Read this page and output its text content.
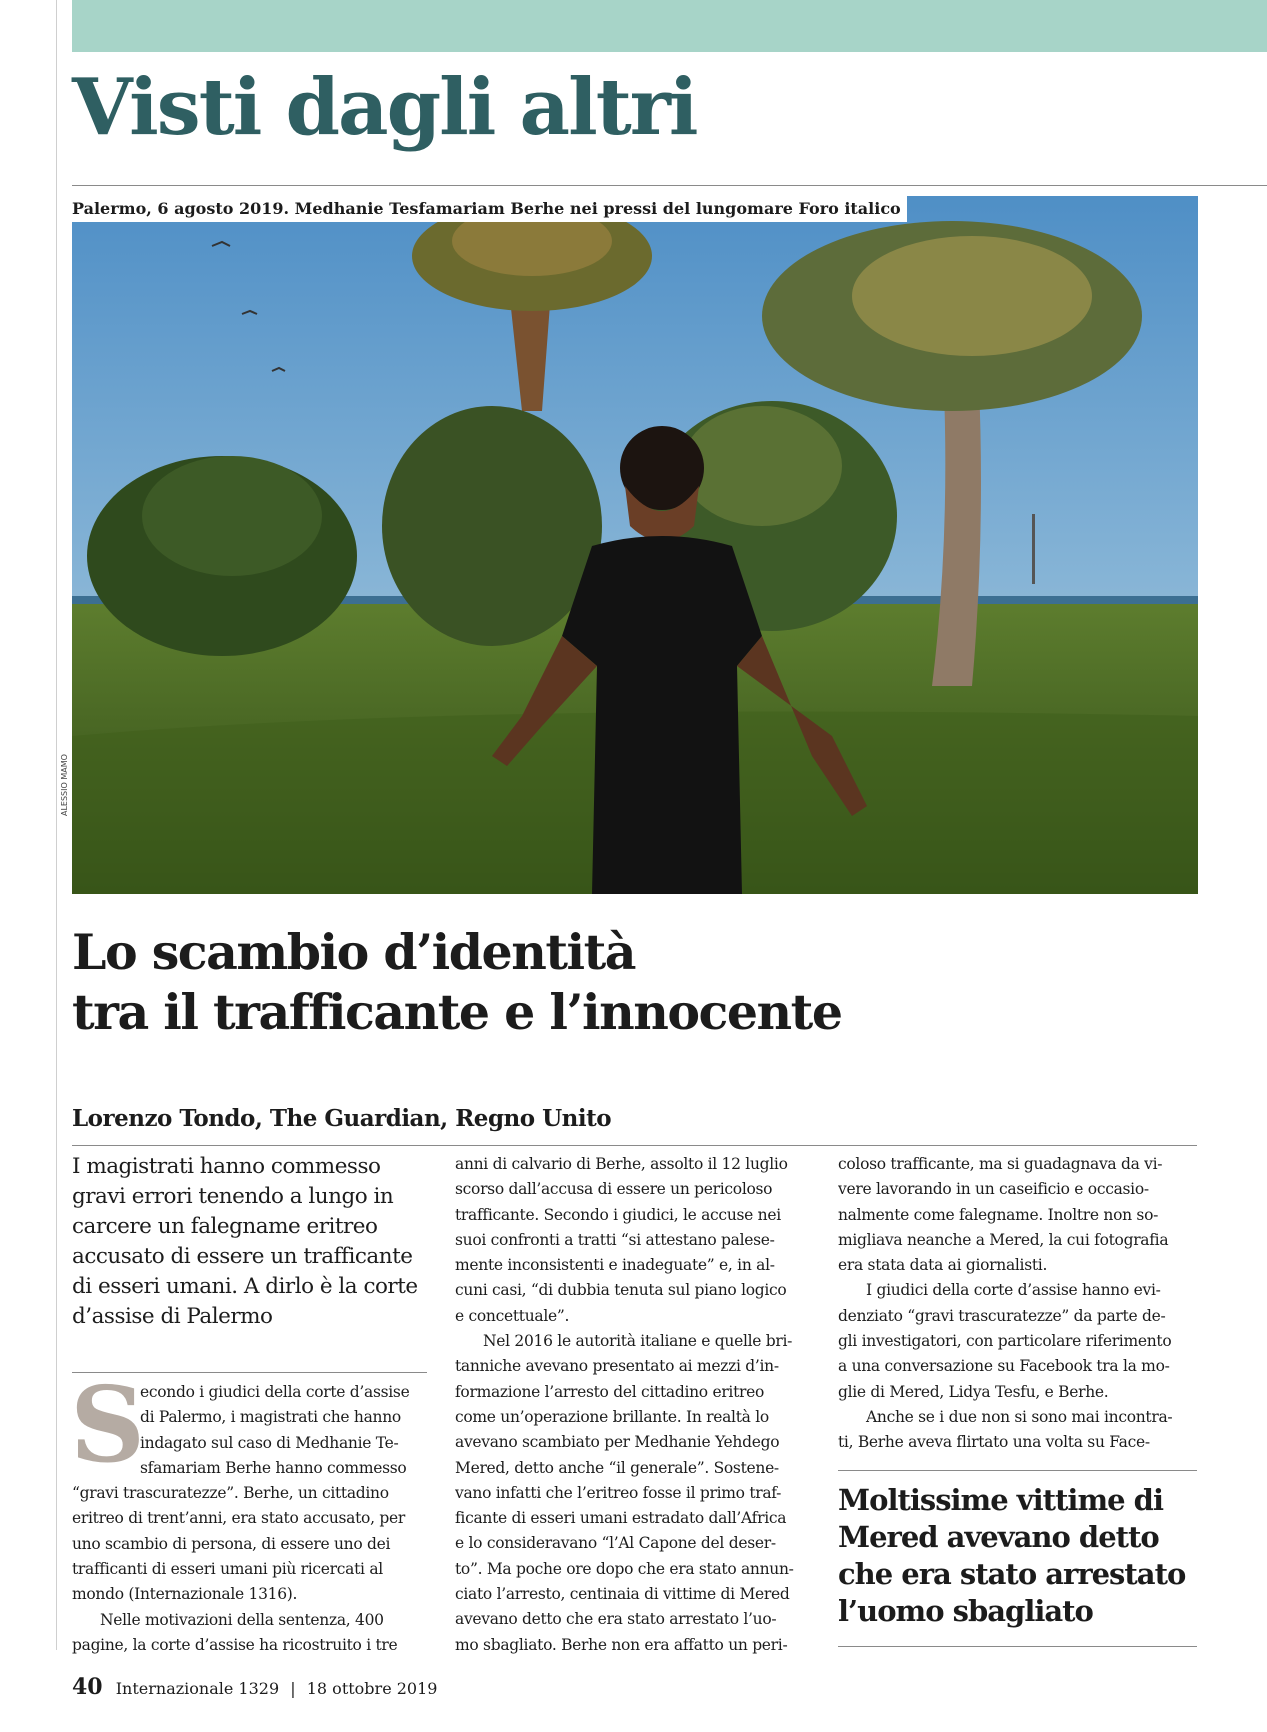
Visti dagli altri
Palermo, 6 agosto 2019. Medhanie Tesfamariam Berhe nei pressi del lungomare Foro italico
ALESSIO MAMO
Lo scambio d’identità
tra il trafficante e l’innocente
Lorenzo Tondo, The Guardian, Regno Unito
I magistrati hanno commesso
gravi errori tenendo a lungo in
carcere un falegname eritreo
accusato di essere un trafficante
di esseri umani. A dirlo è la corte
d’assise di Palermo
S
econdo i giudici della corte d’assise
di Palermo, i magistrati che hanno
indagato sul caso di Medhanie Te-
sfamariam Berhe hanno commesso
“gravi trascuratezze”. Berhe, un cittadino
eritreo di trent’anni, era stato accusato, per
uno scambio di persona, di essere uno dei
trafficanti di esseri umani più ricercati al
mondo (Internazionale 1316).
Nelle motivazioni della sentenza, 400
pagine, la corte d’assise ha ricostruito i tre
anni di calvario di Berhe, assolto il 12 luglio
scorso dall’accusa di essere un pericoloso
trafficante. Secondo i giudici, le accuse nei
suoi confronti a tratti “si attestano palese-
mente inconsistenti e inadeguate” e, in al-
cuni casi, “di dubbia tenuta sul piano logico
e concettuale”.
Nel 2016 le autorità italiane e quelle bri-
tanniche avevano presentato ai mezzi d’in-
formazione l’arresto del cittadino eritreo
come un’operazione brillante. In realtà lo
avevano scambiato per Medhanie Yehdego
Mered, detto anche “il generale”. Sostene-
vano infatti che l’eritreo fosse il primo traf-
ficante di esseri umani estradato dall’Africa
e lo consideravano “l’Al Capone del deser-
to”. Ma poche ore dopo che era stato annun-
ciato l’arresto, centinaia di vittime di Mered
avevano detto che era stato arrestato l’uo-
mo sbagliato. Berhe non era affatto un peri-
coloso trafficante, ma si guadagnava da vi-
vere lavorando in un caseificio e occasio-
nalmente come falegname. Inoltre non so-
migliava neanche a Mered, la cui fotografia
era stata data ai giornalisti.
I giudici della corte d’assise hanno evi-
denziato “gravi trascuratezze” da parte de-
gli investigatori, con particolare riferimento
a una conversazione su Facebook tra la mo-
glie di Mered, Lidya Tesfu, e Berhe.
Anche se i due non si sono mai incontra-
ti, Berhe aveva flirtato una volta su Face-
Moltissime vittime di
Mered avevano detto
che era stato arrestato
l’uomo sbagliato
40 Internazionale 1329 | 18 ottobre 2019
